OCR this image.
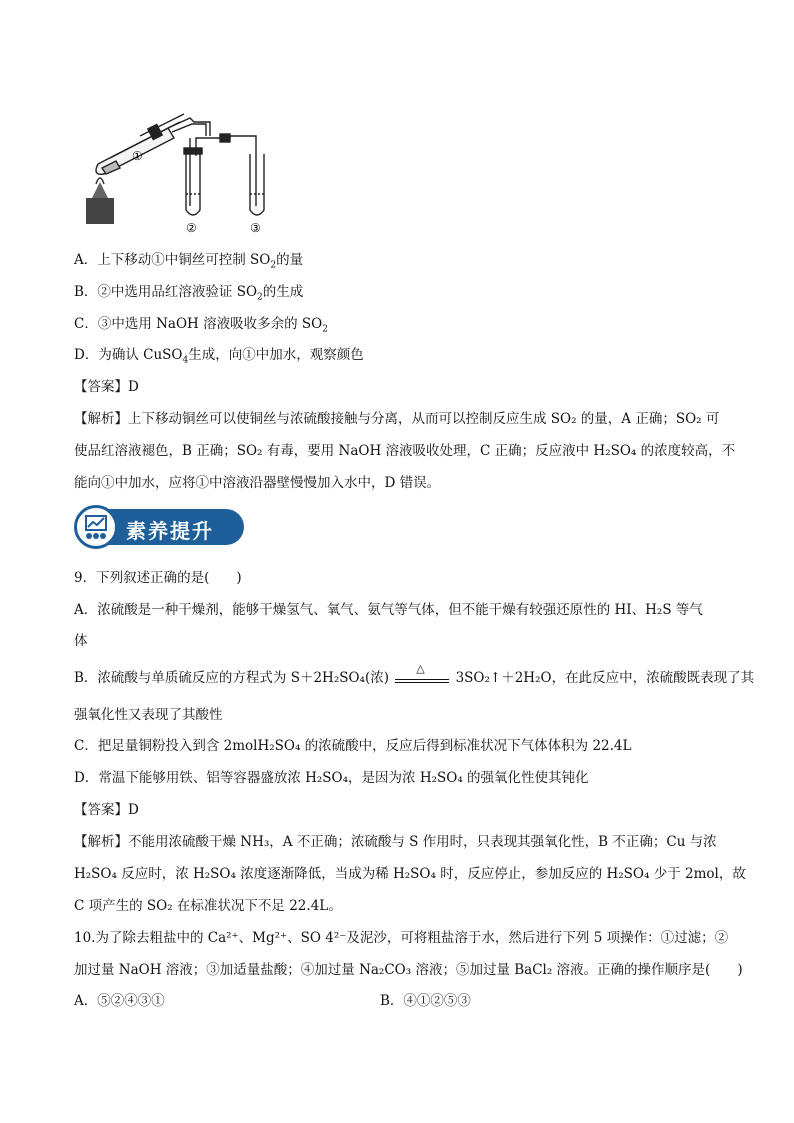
①
②	③
A．上下移动①中铜丝可控制 $SO_2$的量
B．②中选用品红溶液验证 $SO_2$的生成
C．③中选用 NaOH 溶液吸收多余的 $SO_2$
D．为确认 CuSO$_4$生成，向①中加水，观察颜色
【答案】D
【解析】上下移动铜丝可以使铜丝与浓硫酸接触与分离，从而可以控制反应生成 SO₂ 的量，A 正确；SO₂ 可
使品红溶液褪色，B 正确；SO₂ 有毒，要用 NaOH 溶液吸收处理，C 正确；反应液中 H₂SO₄ 的浓度较高，不
能向①中加水，应将①中溶液沿器壁慢慢加入水中，D 错误。
素养提升
9．下列叙述正确的是(　　)
A．浓硫酸是一种干燥剂，能够干燥氢气、氧气、氨气等气体，但不能干燥有较强还原性的 HI、H₂S 等气
体
B．浓硫酸与单质硫反应的方程式为 S＋2H₂SO₄(浓)
△
3SO₂↑＋2H₂O，在此反应中，浓硫酸既表现了其
强氧化性又表现了其酸性
C．把足量铜粉投入到含 2molH₂SO₄ 的浓硫酸中，反应后得到标准状况下气体体积为 22.4L
D．常温下能够用铁、铝等容器盛放浓 H₂SO₄，是因为浓 H₂SO₄ 的强氧化性使其钝化
【答案】D
【解析】不能用浓硫酸干燥 NH₃，A 不正确；浓硫酸与 S 作用时，只表现其强氧化性，B 不正确；Cu 与浓
H₂SO₄ 反应时，浓 H₂SO₄ 浓度逐渐降低，当成为稀 H₂SO₄ 时，反应停止，参加反应的 H₂SO₄ 少于 2mol，故
C 项产生的 SO₂ 在标准状况下不足 22.4L。
10.为了除去粗盐中的 Ca²⁺、Mg²⁺、SO 4²⁻及泥沙，可将粗盐溶于水，然后进行下列 5 项操作：①过滤；②
加过量 NaOH 溶液；③加适量盐酸；④加过量 Na₂CO₃ 溶液；⑤加过量 BaCl₂ 溶液。正确的操作顺序是(　　)
A．⑤②④③①	B．④①②⑤③
